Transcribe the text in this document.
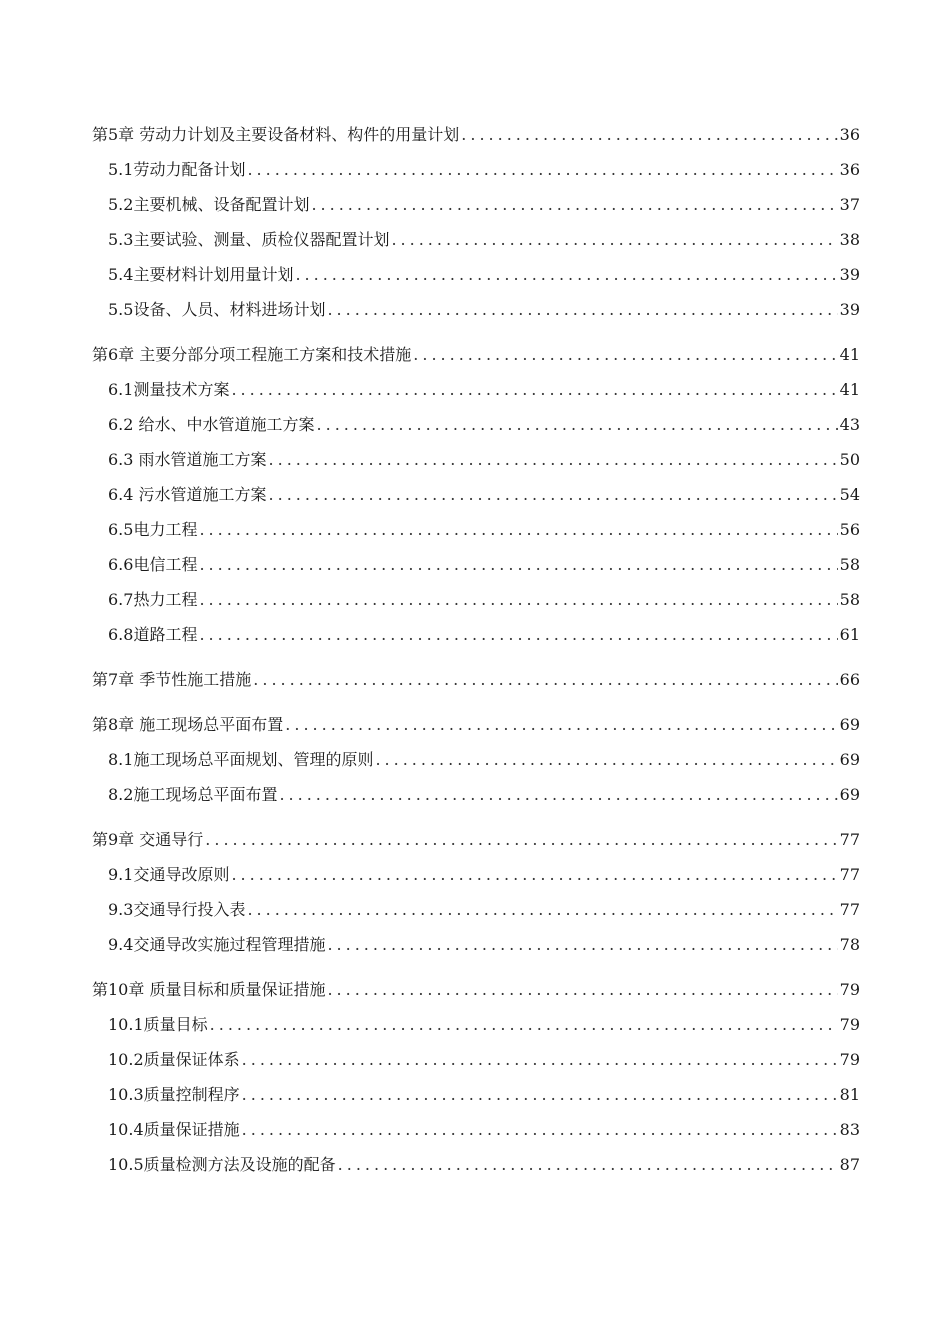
第5章 劳动力计划及主要设备材料、构件的用量计划 .....	36
5.1劳动力配备计划 .....	36
5.2主要机械、设备配置计划 .....	37
5.3主要试验、测量、质检仪器配置计划 .....	38
5.4主要材料计划用量计划 .....	39
5.5设备、人员、材料进场计划 .....	39
第6章 主要分部分项工程施工方案和技术措施 .....	41
6.1测量技术方案 .....	41
6.2 给水、中水管道施工方案 .....	43
6.3 雨水管道施工方案 .....	50
6.4 污水管道施工方案 .....	54
6.5电力工程 .....	56
6.6电信工程 .....	58
6.7热力工程 .....	58
6.8道路工程 .....	61
第7章 季节性施工措施 .....	66
第8章 施工现场总平面布置 .....	69
8.1施工现场总平面规划、管理的原则 .....	69
8.2施工现场总平面布置 .....	69
第9章 交通导行 .....	77
9.1交通导改原则 .....	77
9.3交通导行投入表 .....	77
9.4交通导改实施过程管理措施 .....	78
第10章 质量目标和质量保证措施 .....	79
10.1质量目标 .....	79
10.2质量保证体系 .....	79
10.3质量控制程序 .....	81
10.4质量保证措施 .....	83
10.5质量检测方法及设施的配备 .....	87
